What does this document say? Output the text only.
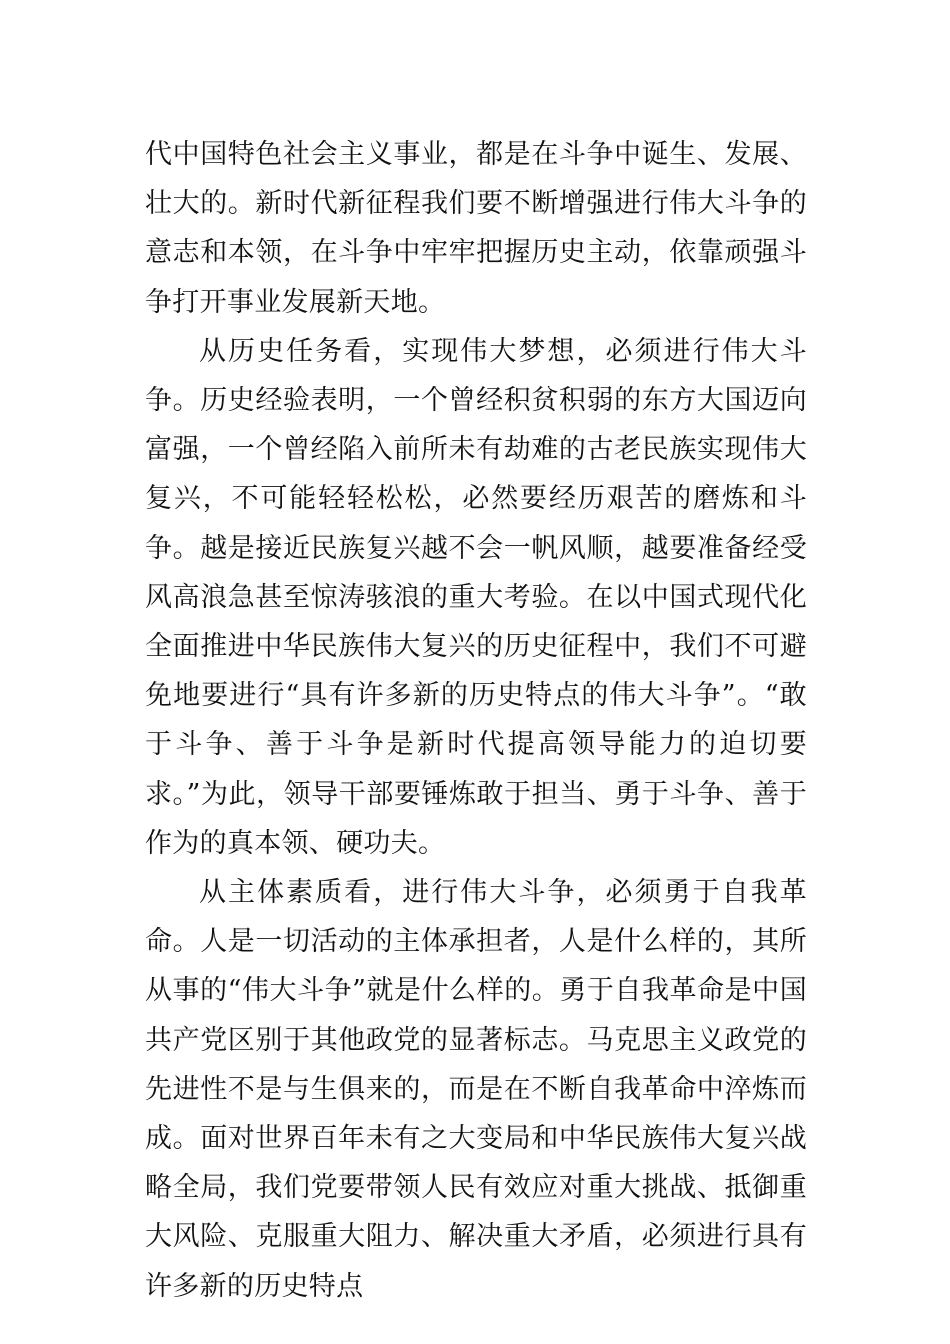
代中国特色社会主义事业，都是在斗争中诞生、发展、壮大的。新时代新征程我们要不断增强进行伟大斗争的意志和本领，在斗争中牢牢把握历史主动，依靠顽强斗争打开事业发展新天地。

从历史任务看，实现伟大梦想，必须进行伟大斗争。历史经验表明，一个曾经积贫积弱的东方大国迈向富强，一个曾经陷入前所未有劫难的古老民族实现伟大复兴，不可能轻轻松松，必然要经历艰苦的磨炼和斗争。越是接近民族复兴越不会一帆风顺，越要准备经受风高浪急甚至惊涛骇浪的重大考验。在以中国式现代化全面推进中华民族伟大复兴的历史征程中，我们不可避免地要进行“具有许多新的历史特点的伟大斗争”。“敢于斗争、善于斗争是新时代提高领导能力的迫切要求。”为此，领导干部要锤炼敢于担当、勇于斗争、善于作为的真本领、硬功夫。

从主体素质看，进行伟大斗争，必须勇于自我革命。人是一切活动的主体承担者，人是什么样的，其所从事的“伟大斗争”就是什么样的。勇于自我革命是中国共产党区别于其他政党的显著标志。马克思主义政党的先进性不是与生俱来的，而是在不断自我革命中淬炼而成。面对世界百年未有之大变局和中华民族伟大复兴战略全局，我们党要带领人民有效应对重大挑战、抵御重大风险、克服重大阻力、解决重大矛盾，必须进行具有许多新的历史特点
